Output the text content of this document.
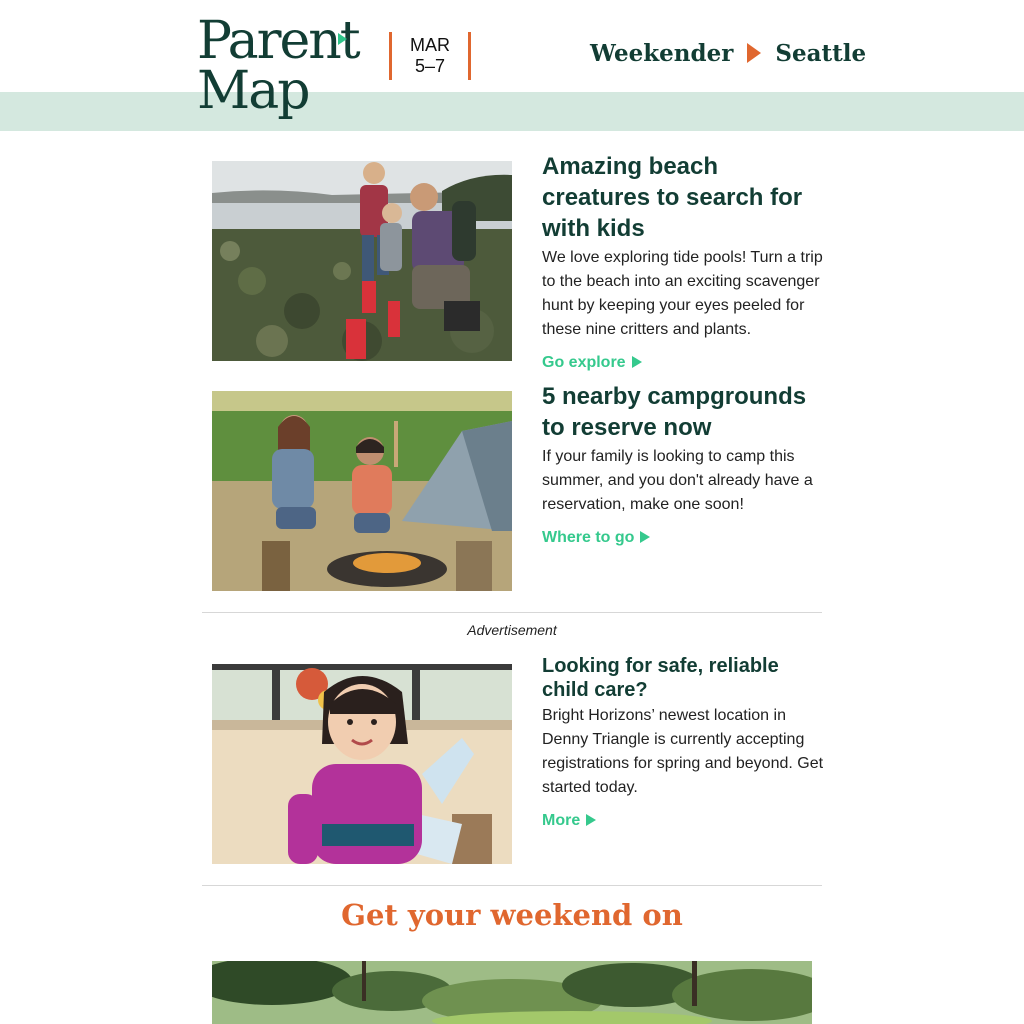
Parent
Map
MAR
5–7	Weekender Seattle
Amazing beach creatures to search for with kids

We love exploring tide pools! Turn a trip to the beach into an exciting scavenger hunt by keeping your eyes peeled for these nine critters and plants.

Go explore
5 nearby campgrounds to reserve now

If your family is looking to camp this summer, and you don't already have a reservation, make one soon!

Where to go
Advertisement
Looking for safe, reliable child care?

Bright Horizons’ newest location in Denny Triangle is currently accepting registrations for spring and beyond. Get started today.

More
Get your weekend on
